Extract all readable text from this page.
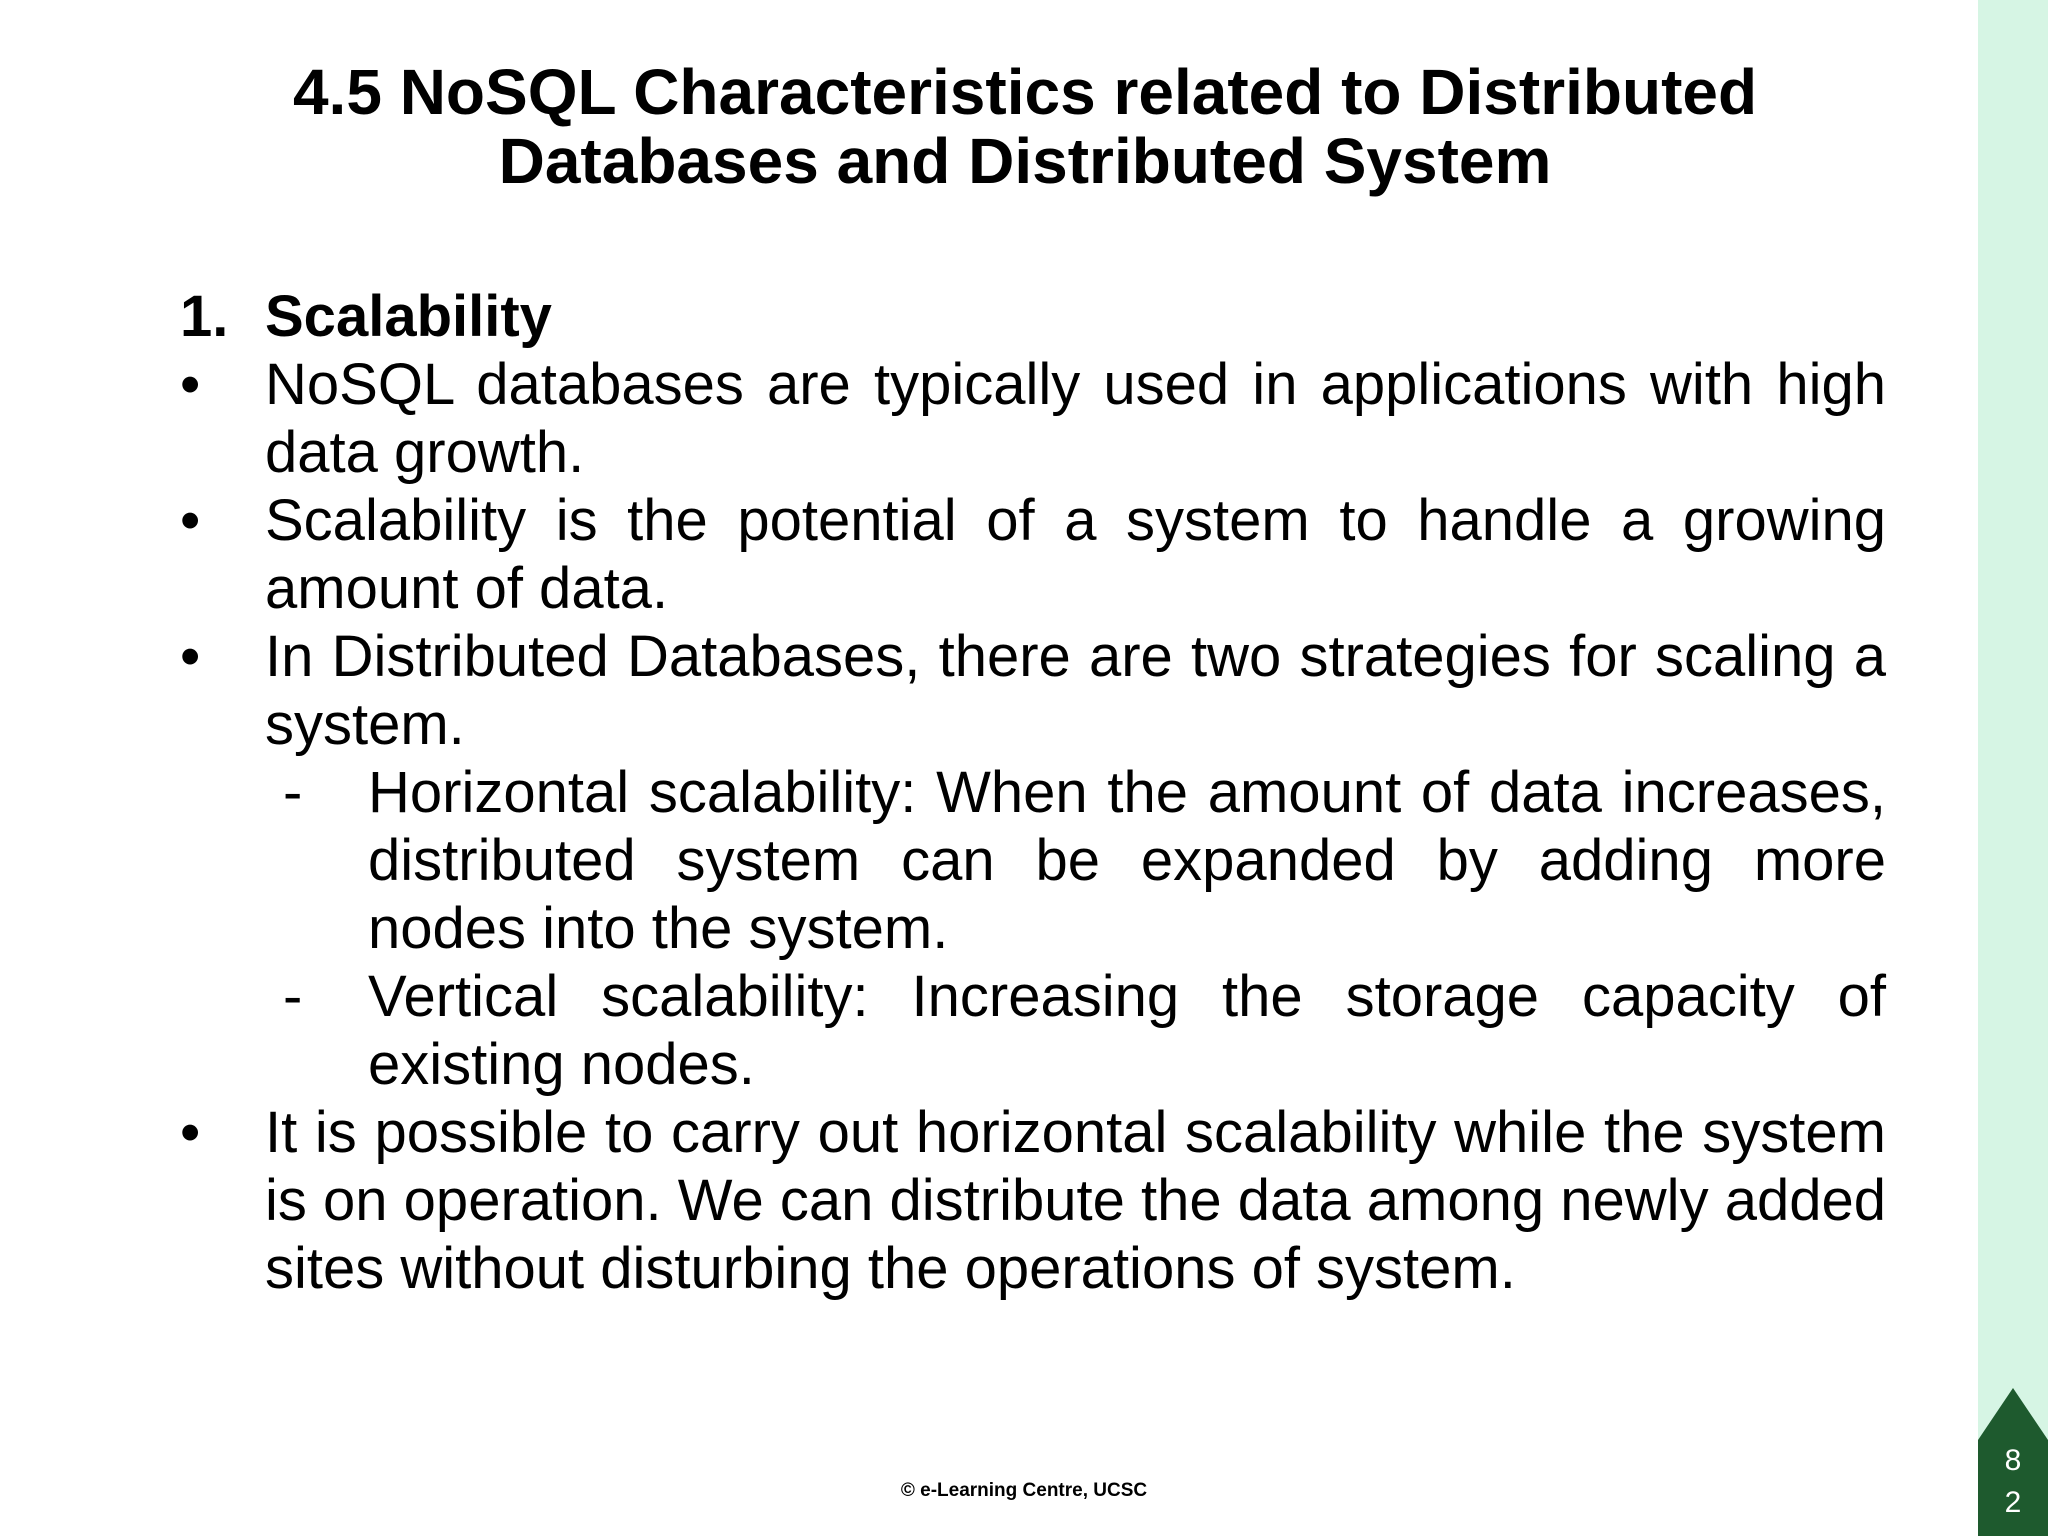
4.5 NoSQL Characteristics related to Distributed
Databases and Distributed System
1. Scalability
• NoSQL databases are typically used in applications with high data growth.
• Scalability is the potential of a system to handle a growing amount of data.
• In Distributed Databases, there are two strategies for scaling a system.
- Horizontal scalability: When the amount of data increases, distributed system can be expanded by adding more nodes into the system.
- Vertical scalability: Increasing the storage capacity of existing nodes.
• It is possible to carry out horizontal scalability while the system is on operation. We can distribute the data among newly added sites without disturbing the operations of system.
© e-Learning Centre, UCSC
8
2
